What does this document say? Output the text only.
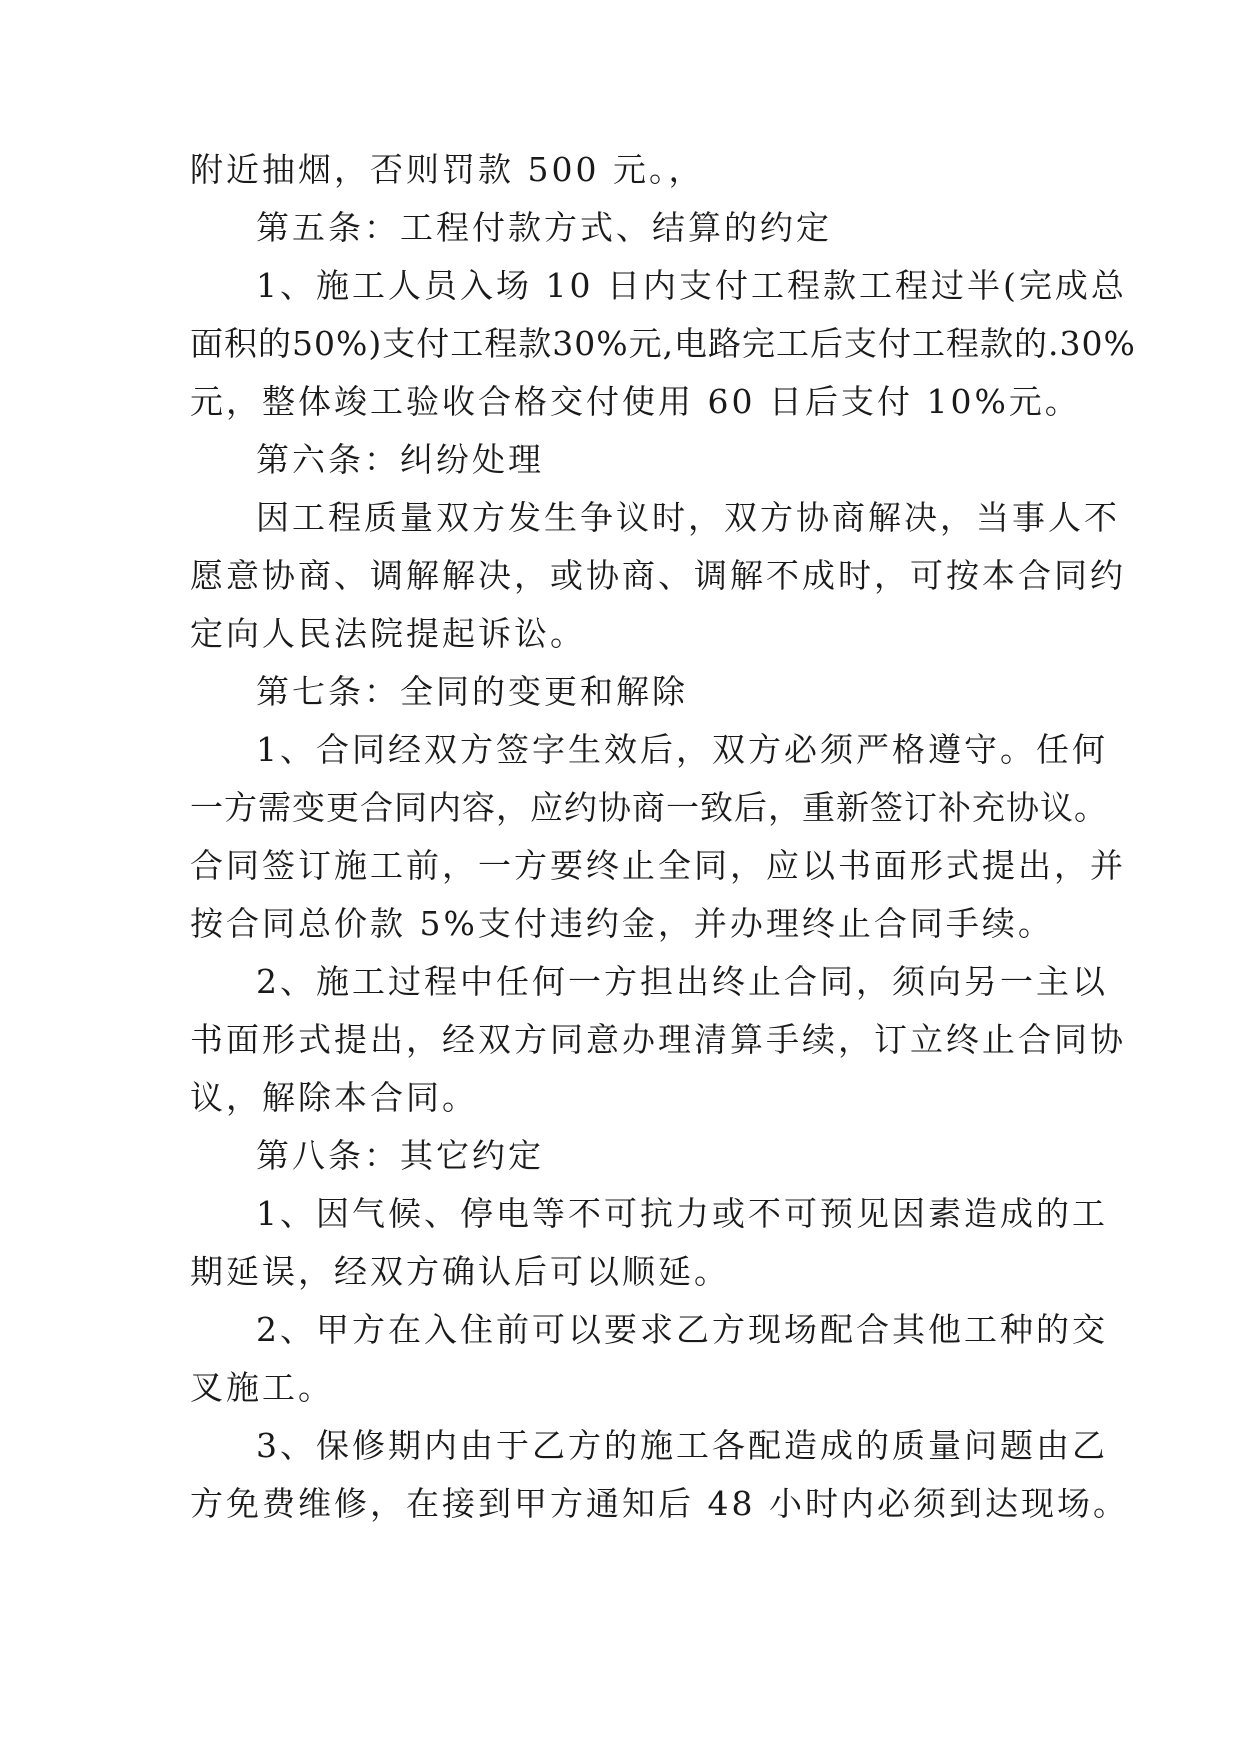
附近抽烟，否则罚款 500 元。，
第五条：工程付款方式、结算的约定
1、施工人员入场 10 日内支付工程款工程过半(完成总
面积的50%)支付工程款30%元,电路完工后支付工程款的.30%
元，整体竣工验收合格交付使用 60 日后支付 10%元。
第六条：纠纷处理
因工程质量双方发生争议时，双方协商解决，当事人不
愿意协商、调解解决，或协商、调解不成时，可按本合同约
定向人民法院提起诉讼。
第七条：全同的变更和解除
1、合同经双方签字生效后，双方必须严格遵守。任何
一方需变更合同内容，应约协商一致后，重新签订补充协议。
合同签订施工前，一方要终止全同，应以书面形式提出，并
按合同总价款 5%支付违约金，并办理终止合同手续。
2、施工过程中任何一方担出终止合同，须向另一主以
书面形式提出，经双方同意办理清算手续，订立终止合同协
议，解除本合同。
第八条：其它约定
1、因气候、停电等不可抗力或不可预见因素造成的工
期延误，经双方确认后可以顺延。
2、甲方在入住前可以要求乙方现场配合其他工种的交
叉施工。
3、保修期内由于乙方的施工各配造成的质量问题由乙
方免费维修，在接到甲方通知后 48 小时内必须到达现场。
